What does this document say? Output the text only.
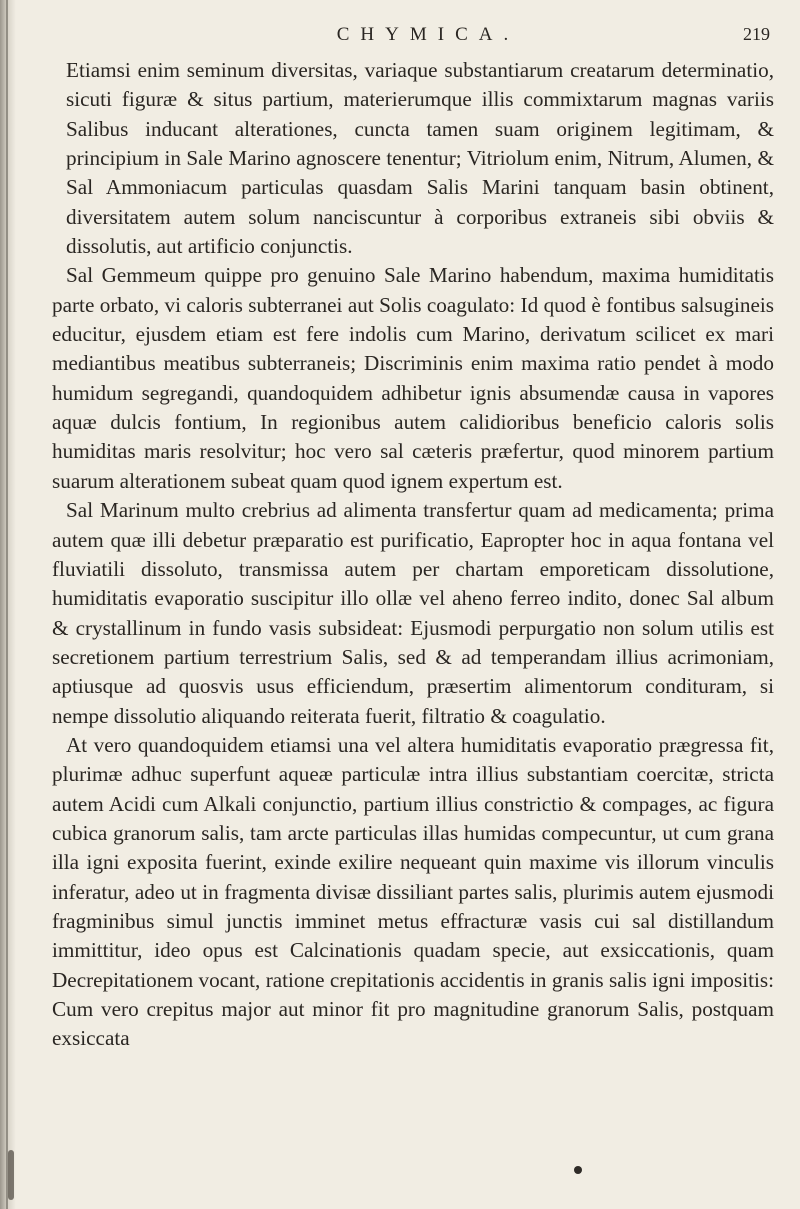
CHYMICA.	219

Etiamsi enim seminum diversitas, variaque substantiarum creatarum determinatio, sicuti figuræ & situs partium, materierumque illis commixtarum magnas variis Salibus inducant alterationes, cuncta tamen suam originem legitimam, & principium in Sale Marino agnoscere tenentur; Vitriolum enim, Nitrum, Alumen, & Sal Ammoniacum particulas quasdam Salis Marini tanquam basin obtinent, diversitatem autem solum nanciscuntur à corporibus extraneis sibi obviis & dissolutis, aut artificio conjunctis.

Sal Gemmeum quippe pro genuino Sale Marino habendum, maxima humiditatis parte orbato, vi caloris subterranei aut Solis coagulato: Id quod è fontibus salsugineis educitur, ejusdem etiam est fere indolis cum Marino, derivatum scilicet ex mari mediantibus meatibus subterraneis; Discriminis enim maxima ratio pendet à modo humidum segregandi, quandoquidem adhibetur ignis absumendæ causa in vapores aquæ dulcis fontium, In regionibus autem calidioribus beneficio caloris solis humiditas maris resolvitur; hoc vero sal cæteris præfertur, quod minorem partium suarum alterationem subeat quam quod ignem expertum est.

Sal Marinum multo crebrius ad alimenta transfertur quam ad medicamenta; prima autem quæ illi debetur præparatio est purificatio, Eapropter hoc in aqua fontana vel fluviatili dissoluto, transmissa autem per chartam emporeticam dissolutione, humiditatis evaporatio suscipitur illo ollæ vel aheno ferreo indito, donec Sal album & crystallinum in fundo vasis subsideat: Ejusmodi perpurgatio non solum utilis est secretionem partium terrestrium Salis, sed & ad temperandam illius acrimoniam, aptiusque ad quosvis usus efficiendum, præsertim alimentorum condituram, si nempe dissolutio aliquando reiterata fuerit, filtratio & coagulatio.

At vero quandoquidem etiamsi una vel altera humiditatis evaporatio prægressa fit, plurimæ adhuc superfunt aqueæ particulæ intra illius substantiam coercitæ, stricta autem Acidi cum Alkali conjunctio, partium illius constrictio & compages, ac figura cubica granorum salis, tam arcte particulas illas humidas compecuntur, ut cum grana illa igni exposita fuerint, exinde exilire nequeant quin maxime vis illorum vinculis inferatur, adeo ut in fragmenta divisæ dissiliant partes salis, plurimis autem ejusmodi fragminibus simul junctis imminet metus effracturæ vasis cui sal distillandum immittitur, ideo opus est Calcinationis quadam specie, aut exsiccationis, quam Decrepitationem vocant, ratione crepitationis accidentis in granis salis igni impositis: Cum vero crepitus major aut minor fit pro magnitudine granorum Salis, postquam exsiccata
